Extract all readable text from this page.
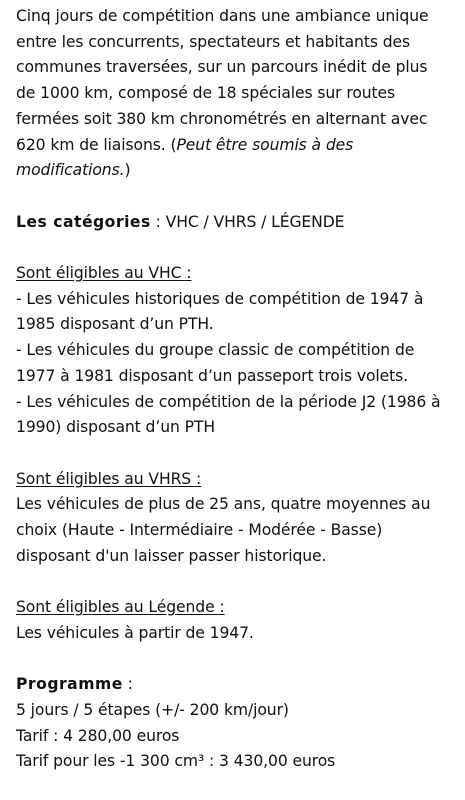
Cinq jours de compétition dans une ambiance unique entre les concurrents, spectateurs et habitants des communes traversées, sur un parcours inédit de plus de 1000 km, composé de 18 spéciales sur routes fermées soit 380 km chronométrés en alternant avec 620 km de liaisons. (Peut être soumis à des modifications.)

Les catégories : VHC / VHRS / LÉGENDE

Sont éligibles au VHC :

- Les véhicules historiques de compétition de 1947 à 1985 disposant d’un PTH.

- Les véhicules du groupe classic de compétition de 1977 à 1981 disposant d’un passeport trois volets.

- Les véhicules de compétition de la période J2 (1986 à 1990) disposant d’un PTH

Sont éligibles au VHRS :

Les véhicules de plus de 25 ans, quatre moyennes au choix (Haute - Intermédiaire - Modérée - Basse) disposant d'un laisser passer historique.

Sont éligibles au Légende :

Les véhicules à partir de 1947.

Programme :

5 jours / 5 étapes (+/- 200 km/jour)

Tarif : 4 280,00 euros

Tarif pour les -1 300 cm³ : 3 430,00 euros
